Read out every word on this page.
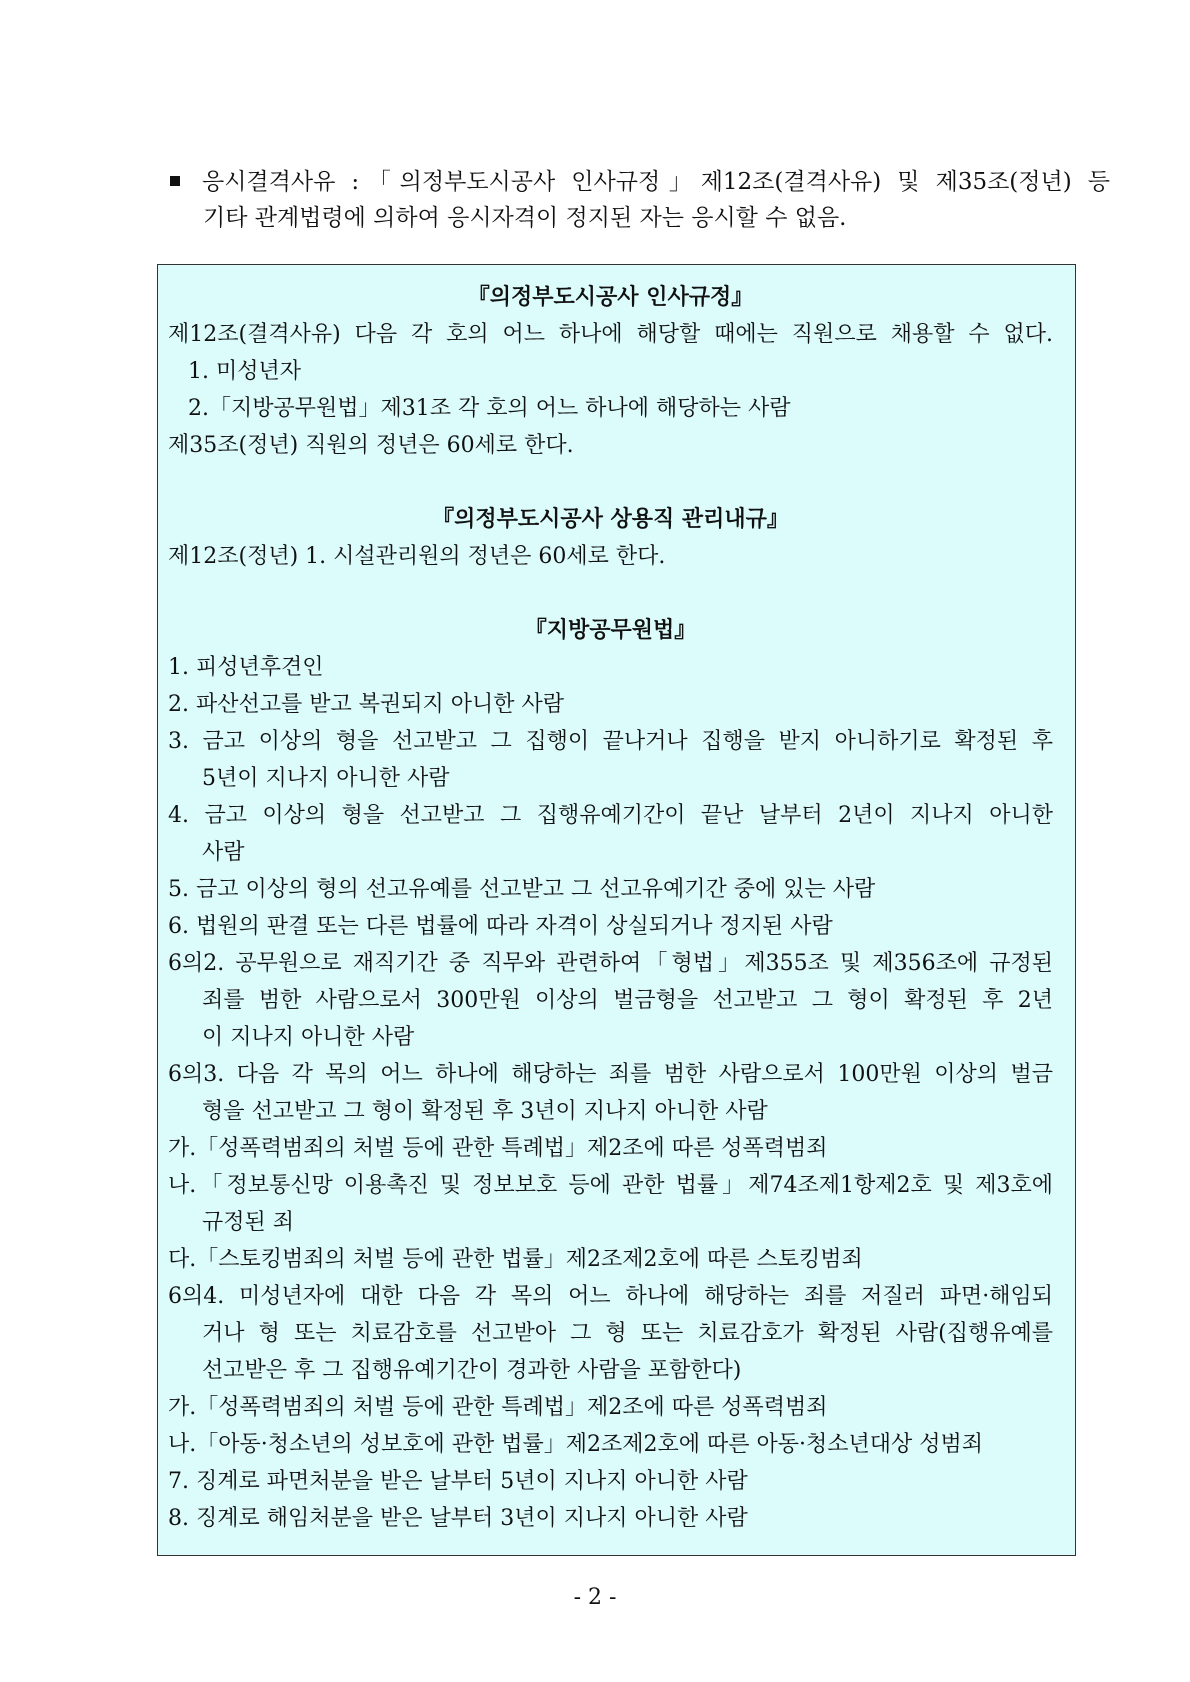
응시결격사유 :「의정부도시공사 인사규정」제12조(결격사유) 및 제35조(정년) 등
기타 관계법령에 의하여 응시자격이 정지된 자는 응시할 수 없음.
『의정부도시공사 인사규정』
제12조(결격사유) 다음 각 호의 어느 하나에 해당할 때에는 직원으로 채용할 수 없다.
1. 미성년자
2.「지방공무원법」제31조 각 호의 어느 하나에 해당하는 사람
제35조(정년) 직원의 정년은 60세로 한다.
『의정부도시공사 상용직 관리내규』
제12조(정년) 1. 시설관리원의 정년은 60세로 한다.
『지방공무원법』
1. 피성년후견인
2. 파산선고를 받고 복권되지 아니한 사람
3. 금고 이상의 형을 선고받고 그 집행이 끝나거나 집행을 받지 아니하기로 확정된 후
5년이 지나지 아니한 사람
4. 금고 이상의 형을 선고받고 그 집행유예기간이 끝난 날부터 2년이 지나지 아니한
사람
5. 금고 이상의 형의 선고유예를 선고받고 그 선고유예기간 중에 있는 사람
6. 법원의 판결 또는 다른 법률에 따라 자격이 상실되거나 정지된 사람
6의2. 공무원으로 재직기간 중 직무와 관련하여「형법」제355조 및 제356조에 규정된
죄를 범한 사람으로서 300만원 이상의 벌금형을 선고받고 그 형이 확정된 후 2년
이 지나지 아니한 사람
6의3. 다음 각 목의 어느 하나에 해당하는 죄를 범한 사람으로서 100만원 이상의 벌금
형을 선고받고 그 형이 확정된 후 3년이 지나지 아니한 사람
가.「성폭력범죄의 처벌 등에 관한 특례법」제2조에 따른 성폭력범죄
나.「정보통신망 이용촉진 및 정보보호 등에 관한 법률」제74조제1항제2호 및 제3호에
규정된 죄
다.「스토킹범죄의 처벌 등에 관한 법률」제2조제2호에 따른 스토킹범죄
6의4. 미성년자에 대한 다음 각 목의 어느 하나에 해당하는 죄를 저질러 파면·해임되
거나 형 또는 치료감호를 선고받아 그 형 또는 치료감호가 확정된 사람(집행유예를
선고받은 후 그 집행유예기간이 경과한 사람을 포함한다)
가.「성폭력범죄의 처벌 등에 관한 특례법」제2조에 따른 성폭력범죄
나.「아동·청소년의 성보호에 관한 법률」제2조제2호에 따른 아동·청소년대상 성범죄
7. 징계로 파면처분을 받은 날부터 5년이 지나지 아니한 사람
8. 징계로 해임처분을 받은 날부터 3년이 지나지 아니한 사람
- 2 -
